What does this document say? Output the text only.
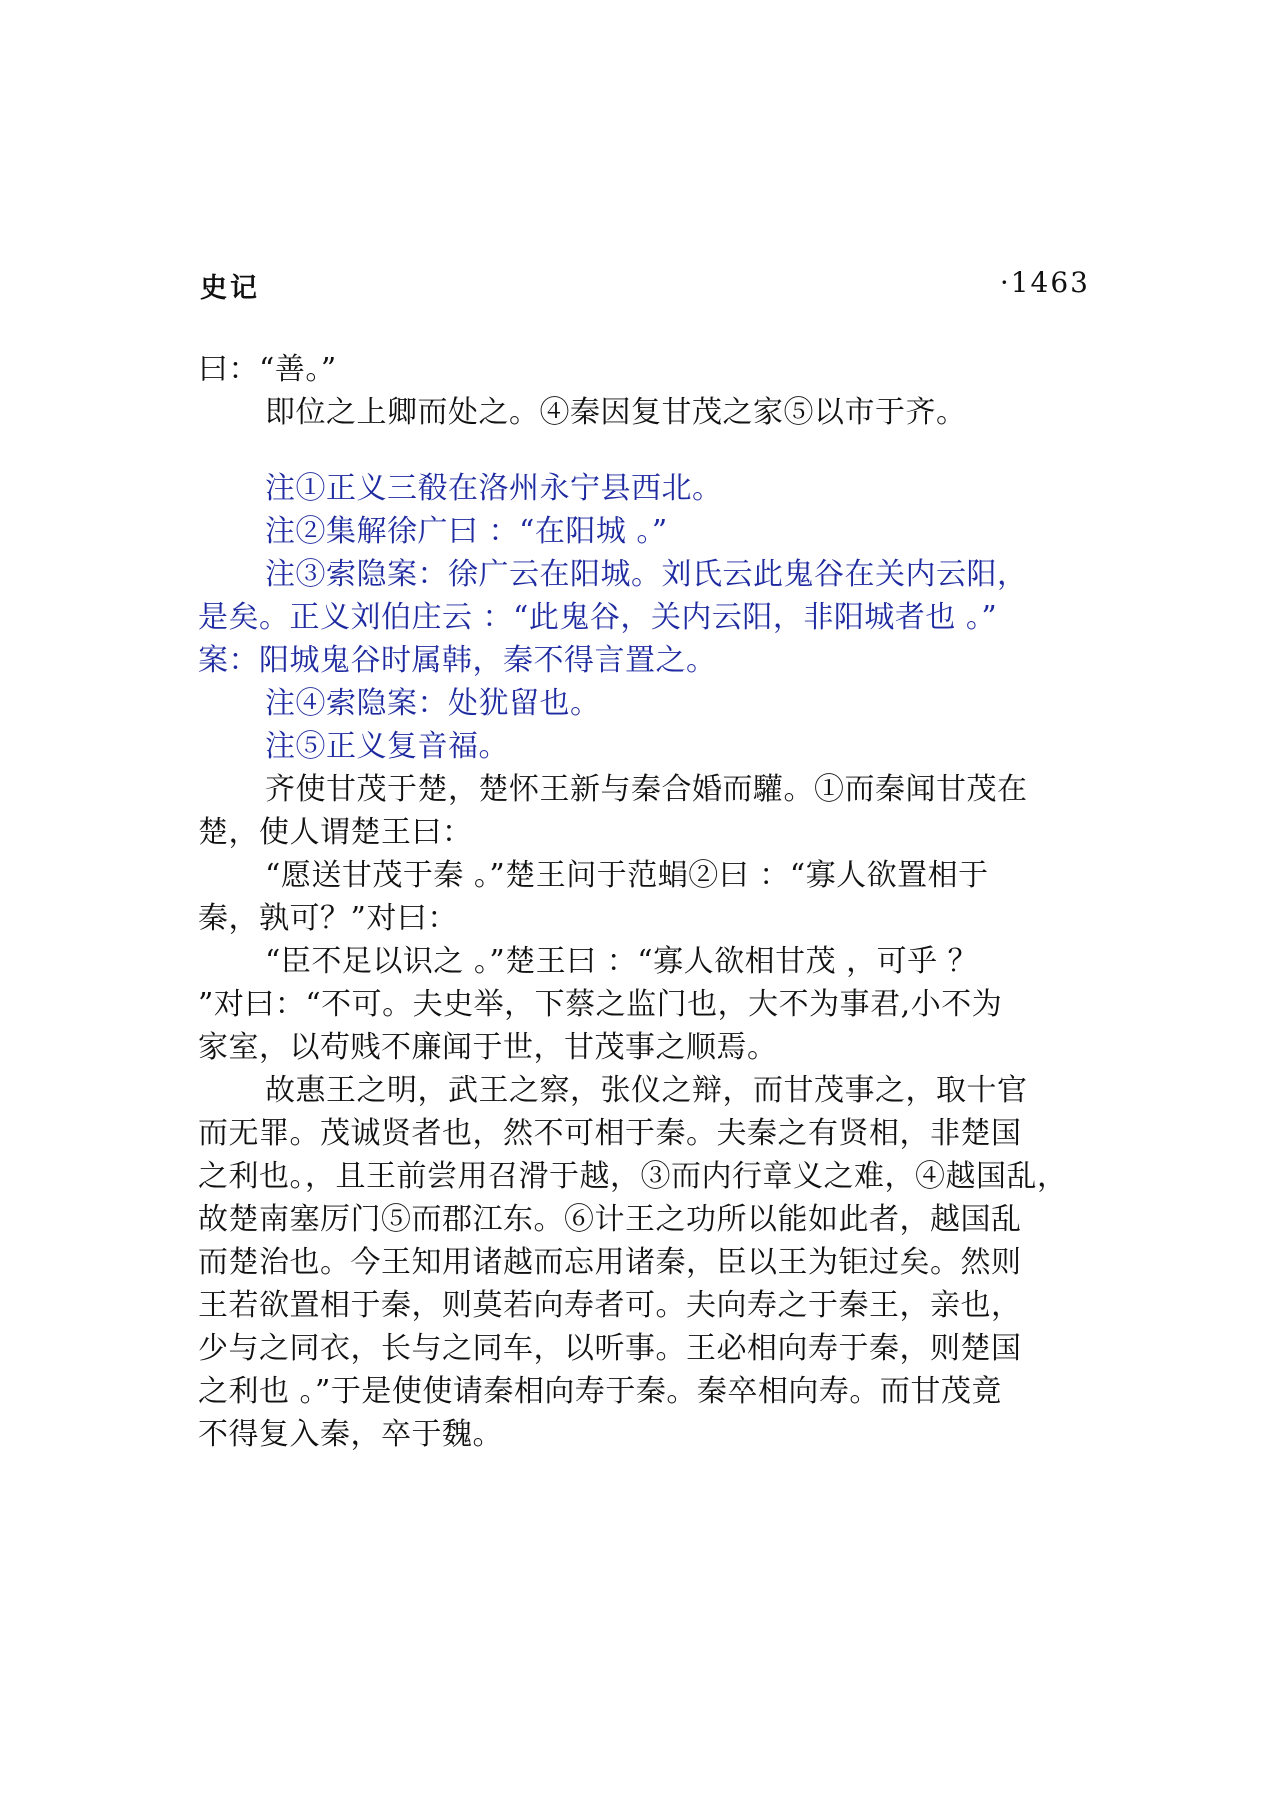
史记	·1463
曰：“善。”
即位之上卿而处之。④秦因复甘茂之家⑤以市于齐。
注①正义三殽在洛州永宁县西北。
注②集解徐广曰 ：“在阳城 。”
注③索隐案：徐广云在阳城。刘氏云此鬼谷在关内云阳，
是矣。正义刘伯庄云 ：“此鬼谷，关内云阳，非阳城者也 。”
案：阳城鬼谷时属韩，秦不得言置之。
注④索隐案：处犹留也。
注⑤正义复音福。
齐使甘茂于楚，楚怀王新与秦合婚而驩。①而秦闻甘茂在
楚，使人谓楚王曰：
“愿送甘茂于秦 。”楚王问于范蜎②曰 ：“寡人欲置相于
秦，孰可？”对曰：
“臣不足以识之 。”楚王曰 ：“寡人欲相甘茂 ，可乎 ？
”对曰：“不可。夫史举，下蔡之监门也，大不为事君,小不为
家室，以苟贱不廉闻于世，甘茂事之顺焉。
故惠王之明，武王之察，张仪之辩，而甘茂事之，取十官
而无罪。茂诚贤者也，然不可相于秦。夫秦之有贤相，非楚国
之利也。，且王前尝用召滑于越，③而内行章义之难，④越国乱，
故楚南塞厉门⑤而郡江东。⑥计王之功所以能如此者，越国乱
而楚治也。今王知用诸越而忘用诸秦，臣以王为钜过矣。然则
王若欲置相于秦，则莫若向寿者可。夫向寿之于秦王，亲也，
少与之同衣，长与之同车，以听事。王必相向寿于秦，则楚国
之利也 。”于是使使请秦相向寿于秦。秦卒相向寿。而甘茂竟
不得复入秦，卒于魏。
